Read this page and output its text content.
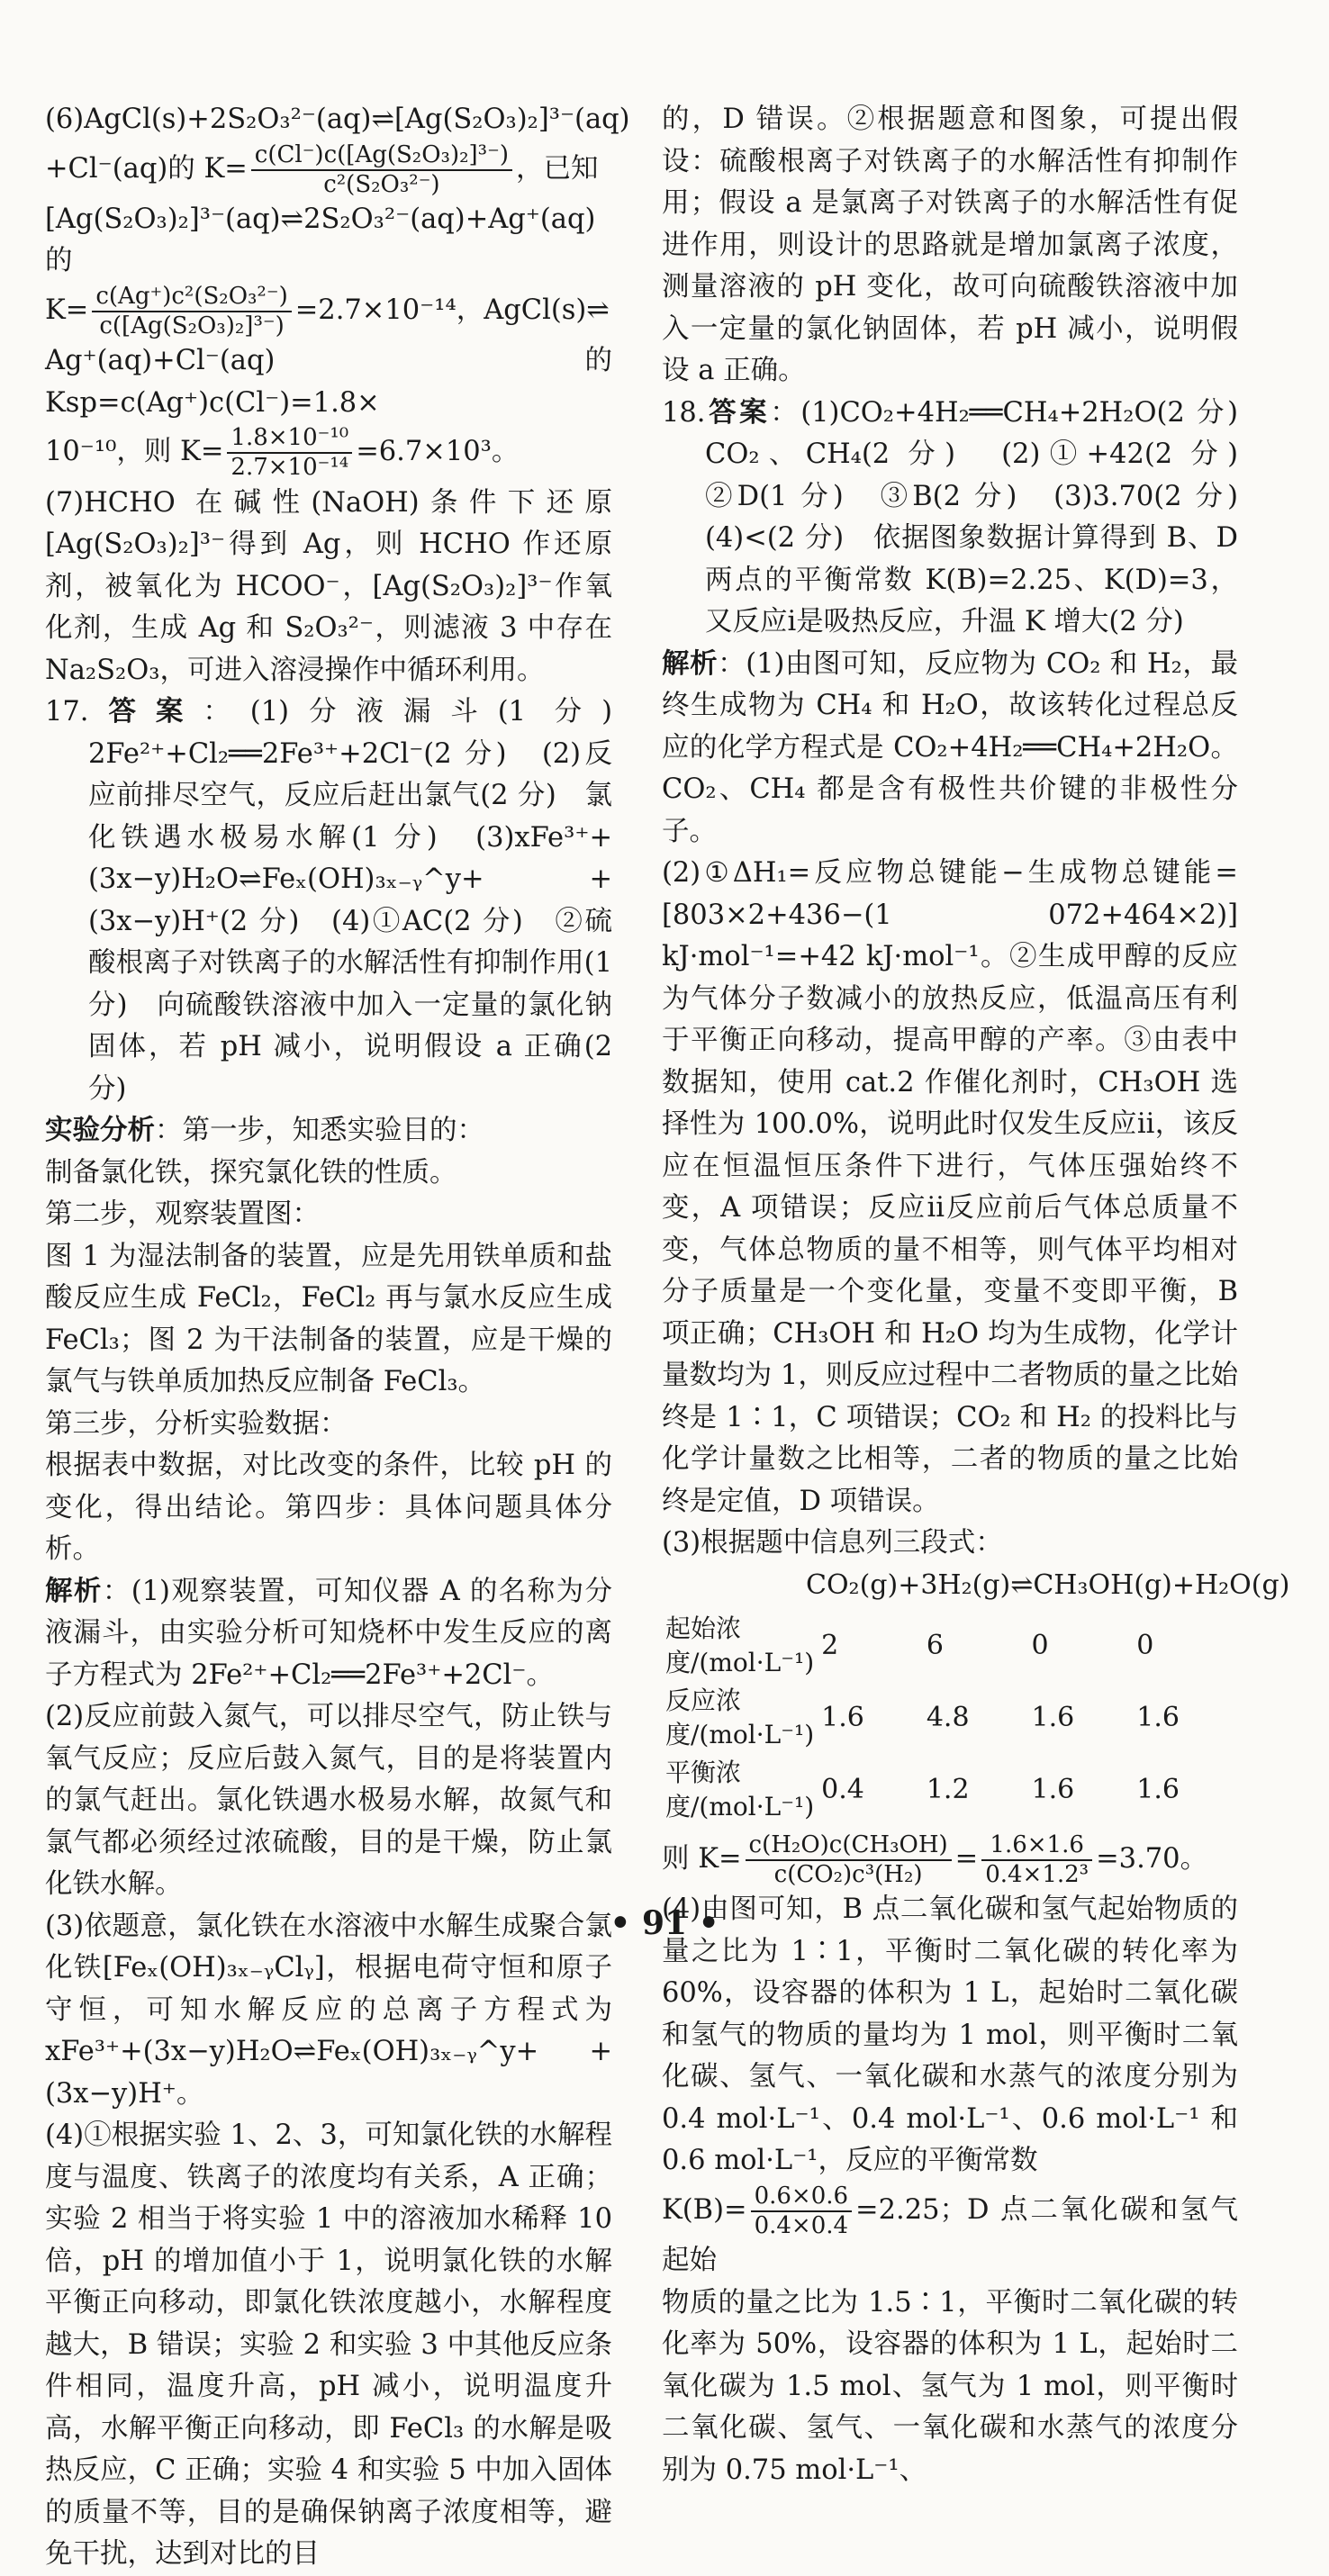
(6)AgCl(s)+2S₂O₃²⁻(aq)⇌[Ag(S₂O₃)₂]³⁻(aq)
+Cl⁻(aq)的 $K= \frac{\text{c(Cl⁻)c([Ag(S₂O₃)₂]³⁻)}}{\text{c²(S₂O₃²⁻)}}$ ，已知
[Ag(S₂O₃)₂]³⁻(aq)⇌2S₂O₃²⁻(aq)+Ag⁺(aq)的
$K= \frac{\text{c(Ag⁺)c²(S₂O₃²⁻)}}{\text{c([Ag(S₂O₃)₂]³⁻)}} =2.7\times 10^{-14}$，AgCl(s)⇌
Ag⁺(aq)+Cl⁻(aq)的 Ksp=c(Ag⁺)c(Cl⁻)=1.8×
10⁻¹⁰，则 $K= \frac{\text{1.8×10⁻¹⁰}}{\text{2.7×10⁻¹⁴}} =6.7\times 10^3$。

(7)HCHO 在碱性(NaOH)条件下还原[Ag(S₂O₃)₂]³⁻得到 Ag，则 HCHO 作还原剂，被氧化为 HCOO⁻，[Ag(S₂O₃)₂]³⁻作氧化剂，生成 Ag 和 S₂O₃²⁻，则滤液 3 中存在 Na₂S₂O₃，可进入溶浸操作中循环利用。

17.答案：(1)分液漏斗(1 分)　2Fe²⁺+Cl₂══2Fe³⁺+2Cl⁻(2 分)　(2)反应前排尽空气，反应后赶出氯气(2 分)　氯化铁遇水极易水解(1 分)　(3)xFe³⁺+(3x−y)H₂O⇌Feₓ(OH)₃ₓ₋ᵧ^y+ +(3x−y)H⁺(2 分)　(4)①AC(2 分)　②硫酸根离子对铁离子的水解活性有抑制作用(1 分)　向硫酸铁溶液中加入一定量的氯化钠固体，若 pH 减小，说明假设 a 正确(2 分)

实验分析：第一步，知悉实验目的：

制备氯化铁，探究氯化铁的性质。

第二步，观察装置图：

图 1 为湿法制备的装置，应是先用铁单质和盐酸反应生成 FeCl₂，FeCl₂ 再与氯水反应生成 FeCl₃；图 2 为干法制备的装置，应是干燥的氯气与铁单质加热反应制备 FeCl₃。

第三步，分析实验数据：

根据表中数据，对比改变的条件，比较 pH 的变化，得出结论。第四步：具体问题具体分析。

解析：(1)观察装置，可知仪器 A 的名称为分液漏斗，由实验分析可知烧杯中发生反应的离子方程式为 2Fe²⁺+Cl₂══2Fe³⁺+2Cl⁻。

(2)反应前鼓入氮气，可以排尽空气，防止铁与氧气反应；反应后鼓入氮气，目的是将装置内的氯气赶出。氯化铁遇水极易水解，故氮气和氯气都必须经过浓硫酸，目的是干燥，防止氯化铁水解。

(3)依题意，氯化铁在水溶液中水解生成聚合氯化铁[Feₓ(OH)₃ₓ₋ᵧClᵧ]，根据电荷守恒和原子守恒，可知水解反应的总离子方程式为 xFe³⁺+(3x−y)H₂O⇌Feₓ(OH)₃ₓ₋ᵧ^y+ +(3x−y)H⁺。

(4)①根据实验 1、2、3，可知氯化铁的水解程度与温度、铁离子的浓度均有关系，A 正确；实验 2 相当于将实验 1 中的溶液加水稀释 10 倍，pH 的增加值小于 1，说明氯化铁的水解平衡正向移动，即氯化铁浓度越小，水解程度越大，B 错误；实验 2 和实验 3 中其他反应条件相同，温度升高，pH 减小，说明温度升高，水解平衡正向移动，即 FeCl₃ 的水解是吸热反应，C 正确；实验 4 和实验 5 中加入固体的质量不等，目的是确保钠离子浓度相等，避免干扰，达到对比的目

的，D 错误。②根据题意和图象，可提出假设：硫酸根离子对铁离子的水解活性有抑制作用；假设 a 是氯离子对铁离子的水解活性有促进作用，则设计的思路就是增加氯离子浓度，测量溶液的 pH 变化，故可向硫酸铁溶液中加入一定量的氯化钠固体，若 pH 减小，说明假设 a 正确。

18.答案：(1)CO₂+4H₂══CH₄+2H₂O(2 分)　CO₂、CH₄(2 分)　(2)①+42(2 分)　②D(1 分)　③B(2 分)　(3)3.70(2 分)　(4)<(2 分)　依据图象数据计算得到 B、D 两点的平衡常数 K(B)=2.25、K(D)=3，又反应ⅰ是吸热反应，升温 K 增大(2 分)

解析：(1)由图可知，反应物为 CO₂ 和 H₂，最终生成物为 CH₄ 和 H₂O，故该转化过程总反应的化学方程式是 CO₂+4H₂══CH₄+2H₂O。CO₂、CH₄ 都是含有极性共价键的非极性分子。

(2)①ΔH₁=反应物总键能−生成物总键能=[803×2+436−(1 072+464×2)] kJ·mol⁻¹=+42 kJ·mol⁻¹。②生成甲醇的反应为气体分子数减小的放热反应，低温高压有利于平衡正向移动，提高甲醇的产率。③由表中数据知，使用 cat.2 作催化剂时，CH₃OH 选择性为 100.0%，说明此时仅发生反应ⅱ，该反应在恒温恒压条件下进行，气体压强始终不变，A 项错误；反应ⅱ反应前后气体总质量不变，气体总物质的量不相等，则气体平均相对分子质量是一个变化量，变量不变即平衡，B 项正确；CH₃OH 和 H₂O 均为生成物，化学计量数均为 1，则反应过程中二者物质的量之比始终是 1∶1，C 项错误；CO₂ 和 H₂ 的投料比与化学计量数之比相等，二者的物质的量之比始终是定值，D 项错误。

(3)根据题中信息列三段式：

CO₂(g)+3H₂(g)⇌CH₃OH(g)+H₂O(g)
起始浓度/(mol·L⁻¹)	2	6	0	0
反应浓度/(mol·L⁻¹)	1.6	4.8	1.6	1.6
平衡浓度/(mol·L⁻¹)	0.4	1.2	1.6	1.6

则 $K= \frac{\text{c(H₂O)c(CH₃OH)}}{\text{c(CO₂)c³(H₂)}} = \frac{1.6\times 1.6}{\text{0.4×1.2³}} =3.70$。

(4)由图可知，B 点二氧化碳和氢气起始物质的量之比为 1∶1，平衡时二氧化碳的转化率为 60%，设容器的体积为 1 L，起始时二氧化碳和氢气的物质的量均为 1 mol，则平衡时二氧化碳、氢气、一氧化碳和水蒸气的浓度分别为 0.4 mol·L⁻¹、0.4 mol·L⁻¹、0.6 mol·L⁻¹ 和 0.6 mol·L⁻¹，反应的平衡常数

$K(B)= \frac{0.6\times 0.6}{0.4\times 0.4} =2.25$；D 点二氧化碳和氢气起始

物质的量之比为 1.5∶1，平衡时二氧化碳的转化率为 50%，设容器的体积为 1 L，起始时二氧化碳为 1.5 mol、氢气为 1 mol，则平衡时二氧化碳、氢气、一氧化碳和水蒸气的浓度分别为 0.75 mol·L⁻¹、

• 91 •
